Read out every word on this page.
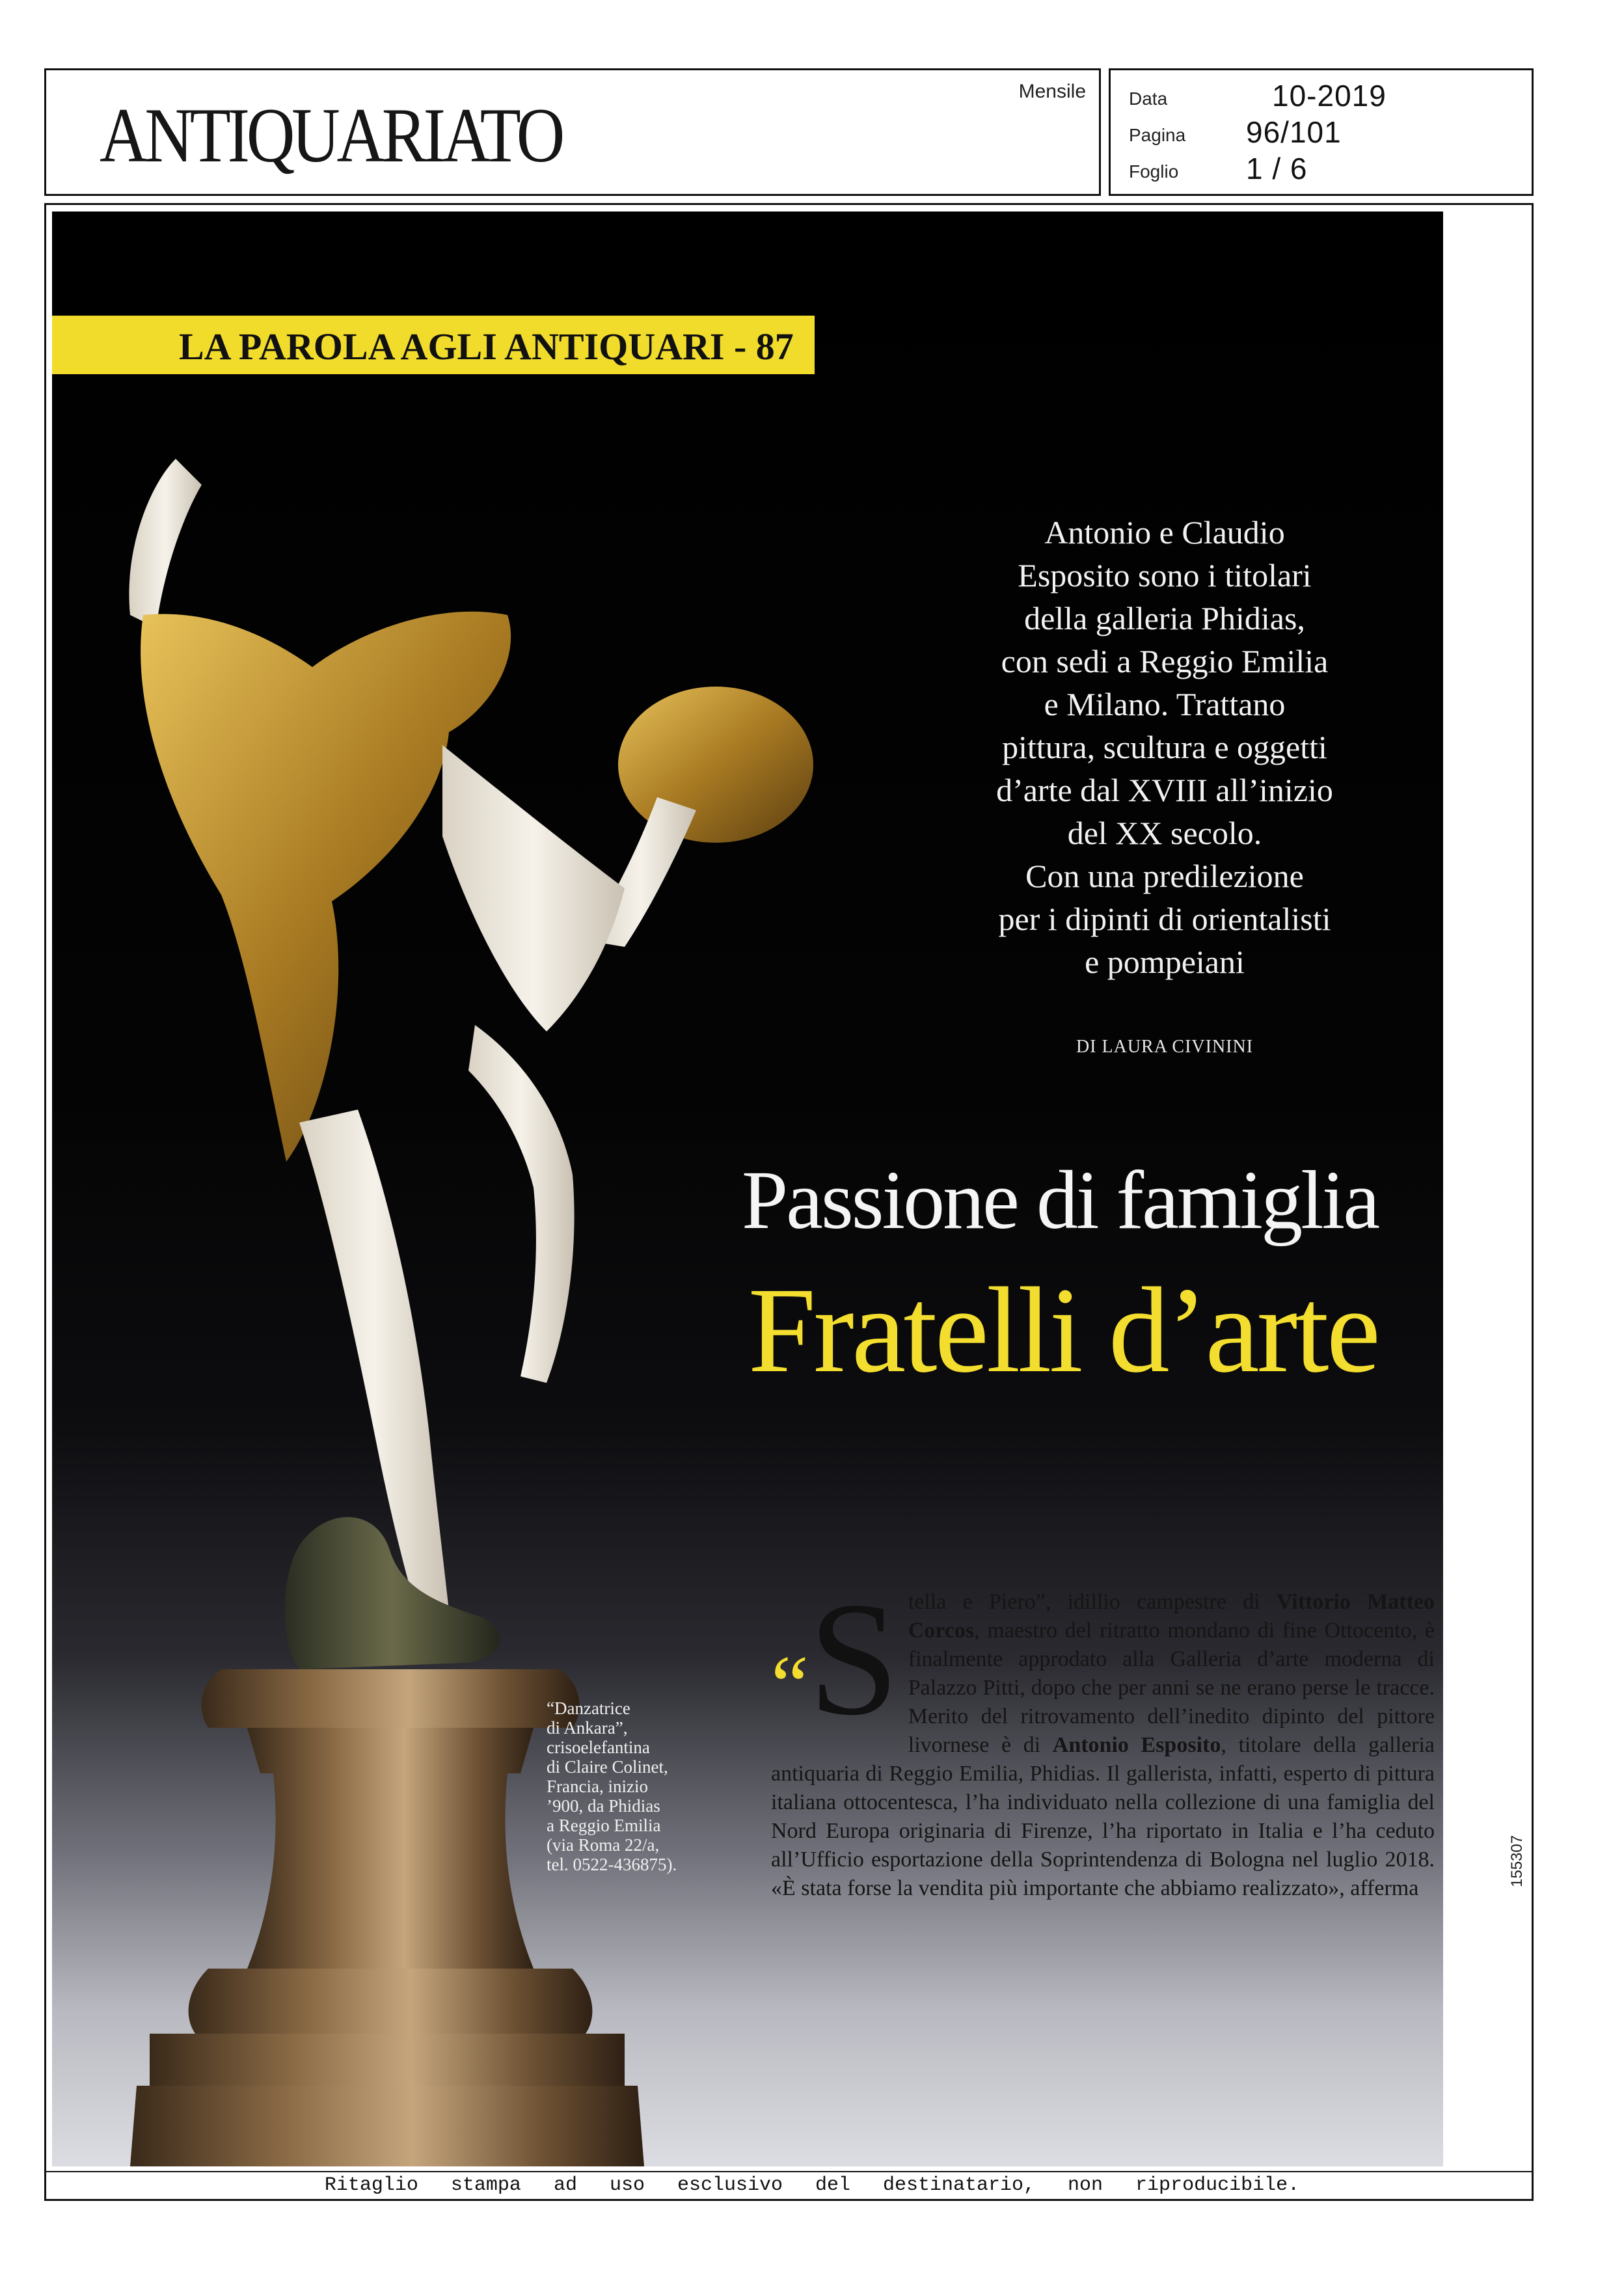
ANTIQUARIATO
Mensile Data	10-2019
Pagina 96/101
Foglio 1 / 6
LA PAROLA AGLI ANTIQUARI - 87
Antonio e Claudio
Esposito sono i titolari
della galleria Phidias,
con sedi a Reggio Emilia
e Milano. Trattano
pittura, scultura e oggetti
d’arte dal XVIII all’inizio
del XX secolo.
Con una predilezione
per i dipinti di orientalisti
e pompeiani
DI LAURA CIVININI
Passione di famiglia
Fratelli d’arte
“Danzatrice
di Ankara”,
crisoelefantina
di Claire Colinet,
Francia, inizio
’900, da Phidias
a Reggio Emilia
(via Roma 22/a,
tel. 0522-436875).
“S tella e Piero”, idillio campestre di Vittorio Matteo Corcos, maestro del ritratto mondano di fine Ottocento, è finalmente approdato alla Galleria d’arte moderna di Palazzo Pitti, dopo che per anni se ne erano perse le tracce. Merito del ritrovamento dell’inedito dipinto del pittore livornese è di Antonio Esposito, titolare della galleria antiquaria di Reggio Emilia, Phidias. Il gallerista, infatti, esperto di pittura italiana ottocentesca, l’ha individuato nella collezione di una famiglia del Nord Europa originaria di Firenze, l’ha riportato in Italia e l’ha ceduto all’Ufficio esportazione della Soprintendenza di Bologna nel luglio 2018. «È stata forse la vendita più importante che abbiamo realizzato», afferma
155307
Ritaglio stampa ad uso esclusivo del destinatario, non riproducibile.
